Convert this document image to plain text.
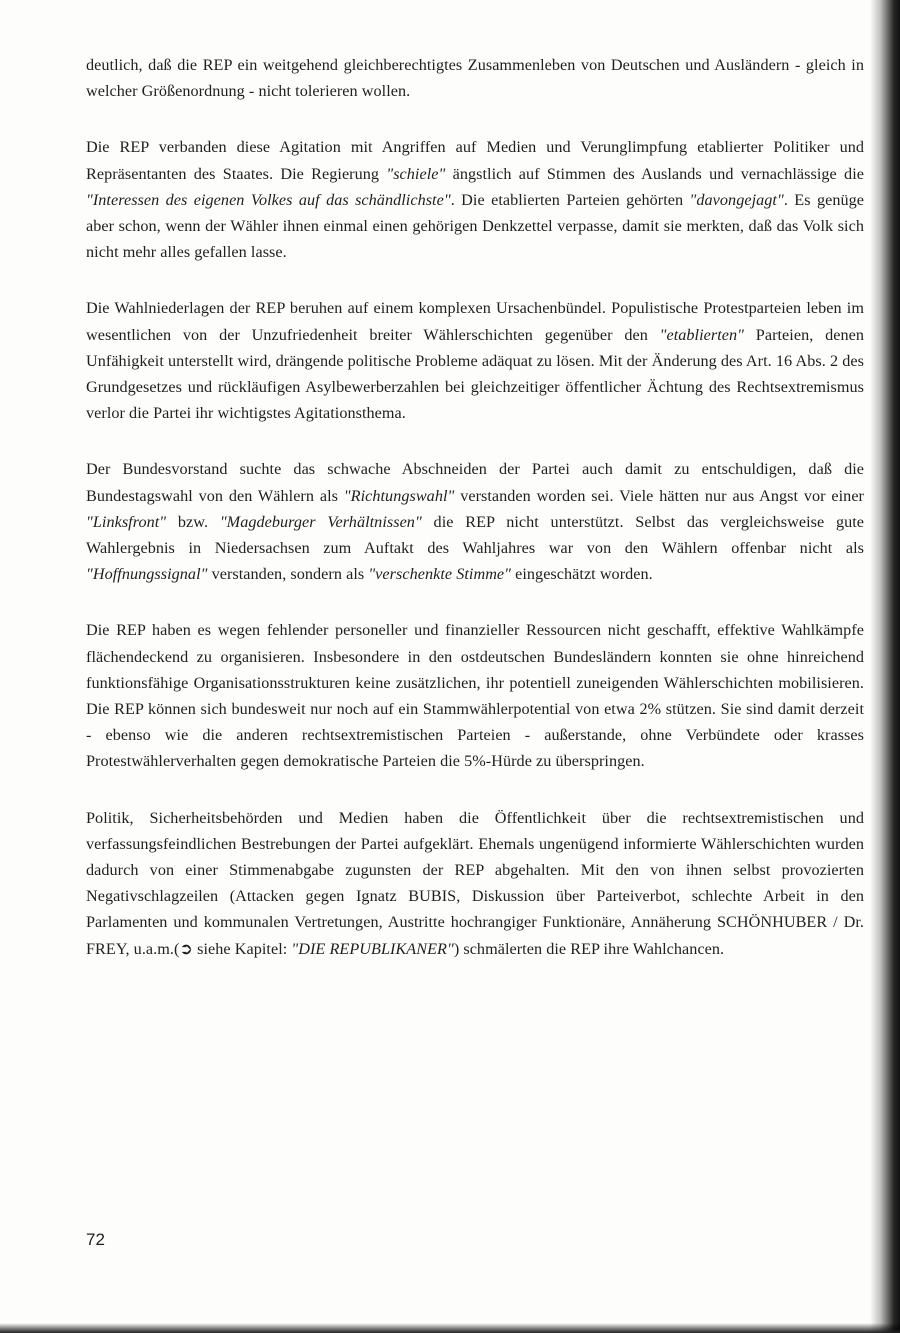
deutlich, daß die REP ein weitgehend gleichberechtigtes Zusammenleben von Deutschen und Ausländern - gleich in welcher Größenordnung - nicht tolerieren wollen.

Die REP verbanden diese Agitation mit Angriffen auf Medien und Verunglimpfung etablierter Politiker und Repräsentanten des Staates. Die Regierung "schiele" ängstlich auf Stimmen des Auslands und vernachlässige die "Interessen des eigenen Volkes auf das schändlichste". Die etablierten Parteien gehörten "davongejagt". Es genüge aber schon, wenn der Wähler ihnen einmal einen gehörigen Denkzettel verpasse, damit sie merkten, daß das Volk sich nicht mehr alles gefallen lasse.

Die Wahlniederlagen der REP beruhen auf einem komplexen Ursachenbündel. Populistische Protestparteien leben im wesentlichen von der Unzufriedenheit breiter Wählerschichten gegenüber den "etablierten" Parteien, denen Unfähigkeit unterstellt wird, drängende politische Probleme adäquat zu lösen. Mit der Änderung des Art. 16 Abs. 2 des Grundgesetzes und rückläufigen Asylbewerberzahlen bei gleichzeitiger öffentlicher Ächtung des Rechtsextremismus verlor die Partei ihr wichtigstes Agitationsthema.

Der Bundesvorstand suchte das schwache Abschneiden der Partei auch damit zu entschuldigen, daß die Bundestagswahl von den Wählern als "Richtungswahl" verstanden worden sei. Viele hätten nur aus Angst vor einer "Linksfront" bzw. "Magdeburger Verhältnissen" die REP nicht unterstützt. Selbst das vergleichsweise gute Wahlergebnis in Niedersachsen zum Auftakt des Wahljahres war von den Wählern offenbar nicht als "Hoffnungssignal" verstanden, sondern als "verschenkte Stimme" eingeschätzt worden.

Die REP haben es wegen fehlender personeller und finanzieller Ressourcen nicht geschafft, effektive Wahlkämpfe flächendeckend zu organisieren. Insbesondere in den ostdeutschen Bundesländern konnten sie ohne hinreichend funktionsfähige Organisationsstrukturen keine zusätzlichen, ihr potentiell zuneigenden Wählerschichten mobilisieren. Die REP können sich bundesweit nur noch auf ein Stammwählerpotential von etwa 2% stützen. Sie sind damit derzeit - ebenso wie die anderen rechtsextremistischen Parteien - außerstande, ohne Verbündete oder krasses Protestwählerverhalten gegen demokratische Parteien die 5%-Hürde zu überspringen.

Politik, Sicherheitsbehörden und Medien haben die Öffentlichkeit über die rechtsextremistischen und verfassungsfeindlichen Bestrebungen der Partei aufgeklärt. Ehemals ungenügend informierte Wählerschichten wurden dadurch von einer Stimmenabgabe zugunsten der REP abgehalten. Mit den von ihnen selbst provozierten Negativschlagzeilen (Attacken gegen Ignatz BUBIS, Diskussion über Parteiverbot, schlechte Arbeit in den Parlamenten und kommunalen Vertretungen, Austritte hochrangiger Funktionäre, Annäherung SCHÖNHUBER / Dr. FREY, u.a.m.(➲ siehe Kapitel: "DIE REPUBLIKANER") schmälerten die REP ihre Wahlchancen.

72
